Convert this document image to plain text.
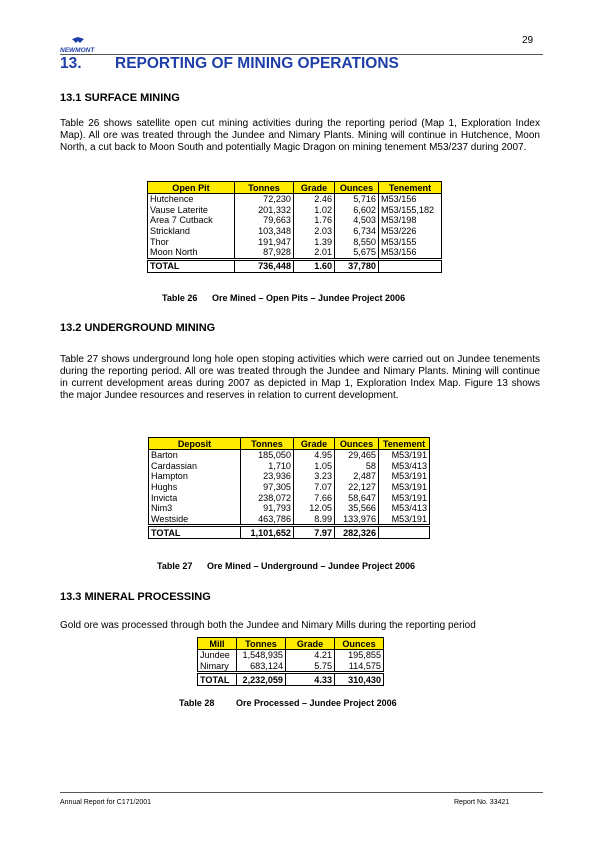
29
NEWMONT
13. REPORTING OF MINING OPERATIONS
13.1 SURFACE MINING

Table 26 shows satellite open cut mining activities during the reporting period (Map 1, Exploration Index Map). All ore was treated through the Jundee and Nimary Plants. Mining will continue in Hutchence, Moon North, a cut back to Moon South and potentially Magic Dragon on mining tenement M53/237 during 2007.

Open Pit	Tonnes	Grade	Ounces	Tenement
Hutchence	72,230	2.46	5,716	M53/156
Vause Laterite	201,332	1.02	6,602	M53/155,182
Area 7 Cutback	79,663	1.76	4,503	M53/198
Strickland	103,348	2.03	6,734	M53/226
Thor	191,947	1.39	8,550	M53/155
Moon North	87,928	2.01	5,675	M53/156
TOTAL	736,448	1.60	37,780	
Table 26 Ore Mined – Open Pits – Jundee Project 2006
13.2 UNDERGROUND MINING

Table 27 shows underground long hole open stoping activities which were carried out on Jundee tenements during the reporting period. All ore was treated through the Jundee and Nimary Plants. Mining will continue in current development areas during 2007 as depicted in Map 1, Exploration Index Map. Figure 13 shows the major Jundee resources and reserves in relation to current development.

Deposit	Tonnes	Grade	Ounces	Tenement
Barton	185,050	4.95	29,465	M53/191
Cardassian	1,710	1.05	58	M53/413
Hampton	23,936	3.23	2,487	M53/191
Hughs	97,305	7.07	22,127	M53/191
Invicta	238,072	7.66	58,647	M53/191
Nim3	91,793	12.05	35,566	M53/413
Westside	463,786	8.99	133,976	M53/191
TOTAL	1,101,652	7.97	282,326	
Table 27 Ore Mined – Underground – Jundee Project 2006
13.3 MINERAL PROCESSING

Gold ore was processed through both the Jundee and Nimary Mills during the reporting period

Mill	Tonnes	Grade	Ounces
Jundee	1,548,935	4.21	195,855
Nimary	683,124	5.75	114,575
TOTAL	2,232,059	4.33	310,430
Table 28 Ore Processed – Jundee Project 2006
Annual Report for C171/2001	Report No. 33421
